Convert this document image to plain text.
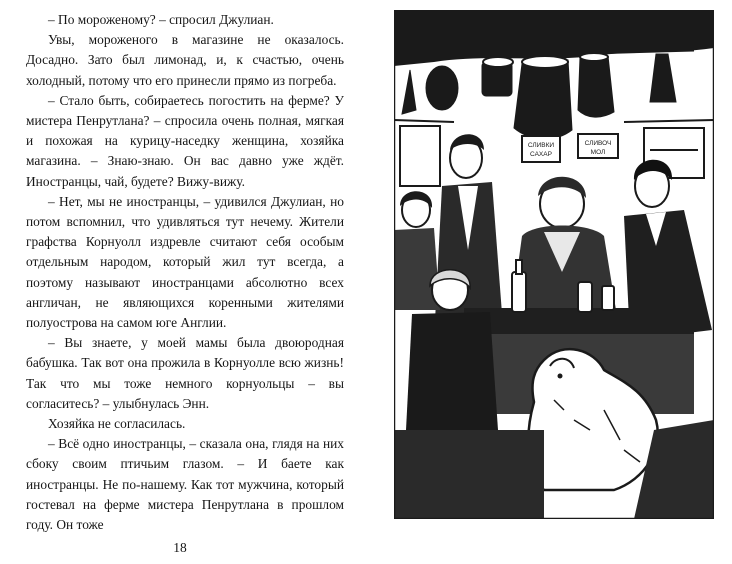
– По мороженому? – спросил Джулиан.

Увы, мороженого в магазине не оказалось. Досадно. Зато был лимонад, и, к счастью, очень холодный, потому что его принесли прямо из погреба.

– Стало быть, собираетесь погостить на ферме? У мистера Пенрутлана? – спросила очень полная, мягкая и похожая на курицу-наседку женщина, хозяйка магазина. – Знаю-знаю. Он вас давно уже ждёт. Иностранцы, чай, будете? Вижу-вижу.

– Нет, мы не иностранцы, – удивился Джулиан, но потом вспомнил, что удивляться тут нечему. Жители графства Корнуолл издревле считают себя особым отдельным народом, который жил тут всегда, а поэтому называют иностранцами абсолютно всех англичан, не являющихся коренными жителями полуострова на самом юге Англии.

– Вы знаете, у моей мамы была двоюродная бабушка. Так вот она прожила в Корнуолле всю жизнь! Так что мы тоже немного корнуольцы – вы согласитесь? – улыбнулась Энн.

Хозяйка не согласилась.

– Всё одно иностранцы, – сказала она, глядя на них сбоку своим птичьим глазом. – И баете как иностранцы. Не по-нашему. Как тот мужчина, который гостевал на ферме мистера Пенрутлана в прошлом году. Он тоже

18
СЛИВКИ
САХАР
СЛИВОЧ
МОЛ
